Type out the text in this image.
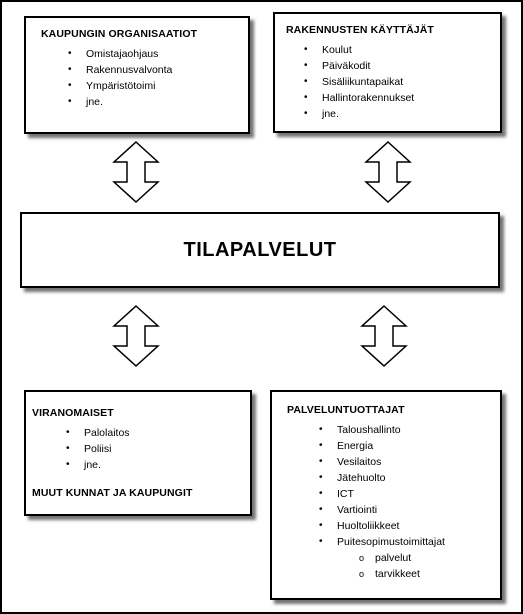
KAUPUNGIN ORGANISAATIOT
• Omistajaohjaus
• Rakennusvalvonta
• Ympäristötoimi
• jne.
RAKENNUSTEN KÄYTTÄJÄT
• Koulut
• Päiväkodit
• Sisäliikuntapaikat
• Hallintorakennukset
• jne.
TILAPALVELUT
VIRANOMAISET
• Palolaitos
• Poliisi
• jne.
MUUT KUNNAT JA KAUPUNGIT
PALVELUNTUOTTAJAT
• Taloushallinto
• Energia
• Vesilaitos
• Jätehuolto
• ICT
• Vartiointi
• Huoltoliikkeet
• Puitesopimustoimittajat
o palvelut
o tarvikkeet
